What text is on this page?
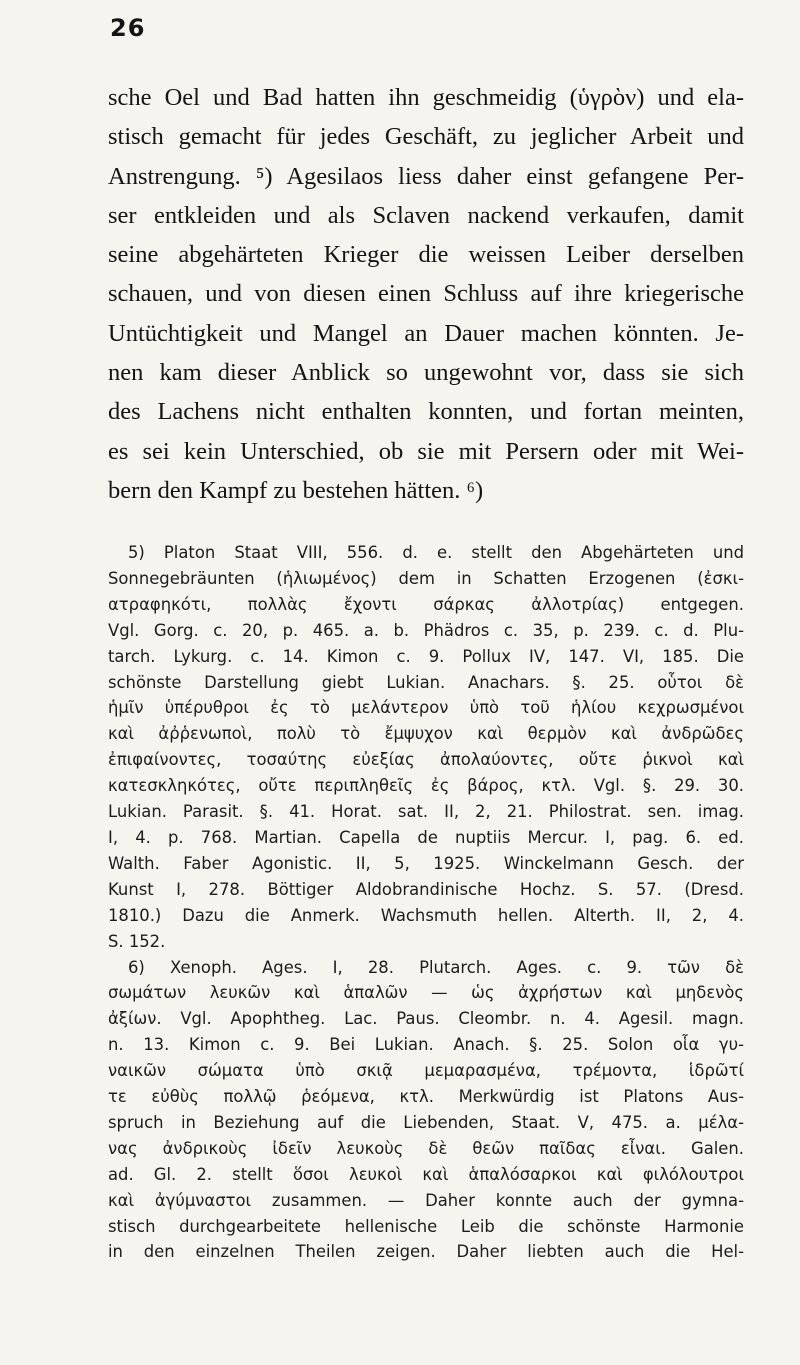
26
sche Oel und Bad hatten ihn geschmeidig (ὑγρὸν) und ela-
stisch gemacht für jedes Geschäft, zu jeglicher Arbeit und
Anstrengung. ⁵) Agesilaos liess daher einst gefangene Per-
ser entkleiden und als Sclaven nackend verkaufen, damit
seine abgehärteten Krieger die weissen Leiber derselben
schauen, und von diesen einen Schluss auf ihre kriegerische
Untüchtigkeit und Mangel an Dauer machen könnten. Je-
nen kam dieser Anblick so ungewohnt vor, dass sie sich
des Lachens nicht enthalten konnten, und fortan meinten,
es sei kein Unterschied, ob sie mit Persern oder mit Wei-
bern den Kampf zu bestehen hätten. ⁶)
5) Platon Staat VIII, 556. d. e. stellt den Abgehärteten und
Sonnegebräunten (ἡλιωμένος) dem in Schatten Erzogenen (ἐσκι-
ατραφηκότι, πολλὰς ἔχοντι σάρκας ἀλλοτρίας) entgegen.
Vgl. Gorg. c. 20, p. 465. a. b. Phädros c. 35, p. 239. c. d. Plu-
tarch. Lykurg. c. 14. Kimon c. 9. Pollux IV, 147. VI, 185. Die
schönste Darstellung giebt Lukian. Anachars. §. 25. οὗτοι δὲ
ἡμῖν ὑπέρυθροι ἐς τὸ μελάντερον ὑπὸ τοῦ ἡλίου κεχρωσμένοι
καὶ ἀῤῥενωποὶ, πολὺ τὸ ἔμψυχον καὶ θερμὸν καὶ ἀνδρῶδες
ἐπιφαίνοντες, τοσαύτης εὐεξίας ἀπολαύοντες, οὔτε ῥικνοὶ καὶ
κατεσκληκότες, οὔτε περιπληθεῖς ἐς βάρος, κτλ. Vgl. §. 29. 30.
Lukian. Parasit. §. 41. Horat. sat. II, 2, 21. Philostrat. sen. imag.
I, 4. p. 768. Martian. Capella de nuptiis Mercur. I, pag. 6. ed.
Walth. Faber Agonistic. II, 5, 1925. Winckelmann Gesch. der
Kunst I, 278. Böttiger Aldobrandinische Hochz. S. 57. (Dresd.
1810.) Dazu die Anmerk. Wachsmuth hellen. Alterth. II, 2, 4.
S. 152.
6) Xenoph. Ages. I, 28. Plutarch. Ages. c. 9. τῶν δὲ
σωμάτων λευκῶν καὶ ἁπαλῶν — ὡς ἀχρήστων καὶ μηδενὸς
ἀξίων. Vgl. Apophtheg. Lac. Paus. Cleombr. n. 4. Agesil. magn.
n. 13. Kimon c. 9. Bei Lukian. Anach. §. 25. Solon οἷα γυ-
ναικῶν σώματα ὑπὸ σκιᾷ μεμαρασμένα, τρέμοντα, ἱδρῶτί
τε εὐθὺς πολλῷ ῥεόμενα, κτλ. Merkwürdig ist Platons Aus-
spruch in Beziehung auf die Liebenden, Staat. V, 475. a. μέλα-
νας ἀνδρικοὺς ἰδεῖν λευκοὺς δὲ θεῶν παῖδας εἶναι. Galen.
ad. Gl. 2. stellt ὅσοι λευκοὶ καὶ ἁπαλόσαρκοι καὶ φιλόλουτροι
καὶ ἀγύμναστοι zusammen. — Daher konnte auch der gymna-
stisch durchgearbeitete hellenische Leib die schönste Harmonie
in den einzelnen Theilen zeigen. Daher liebten auch die Hel-
